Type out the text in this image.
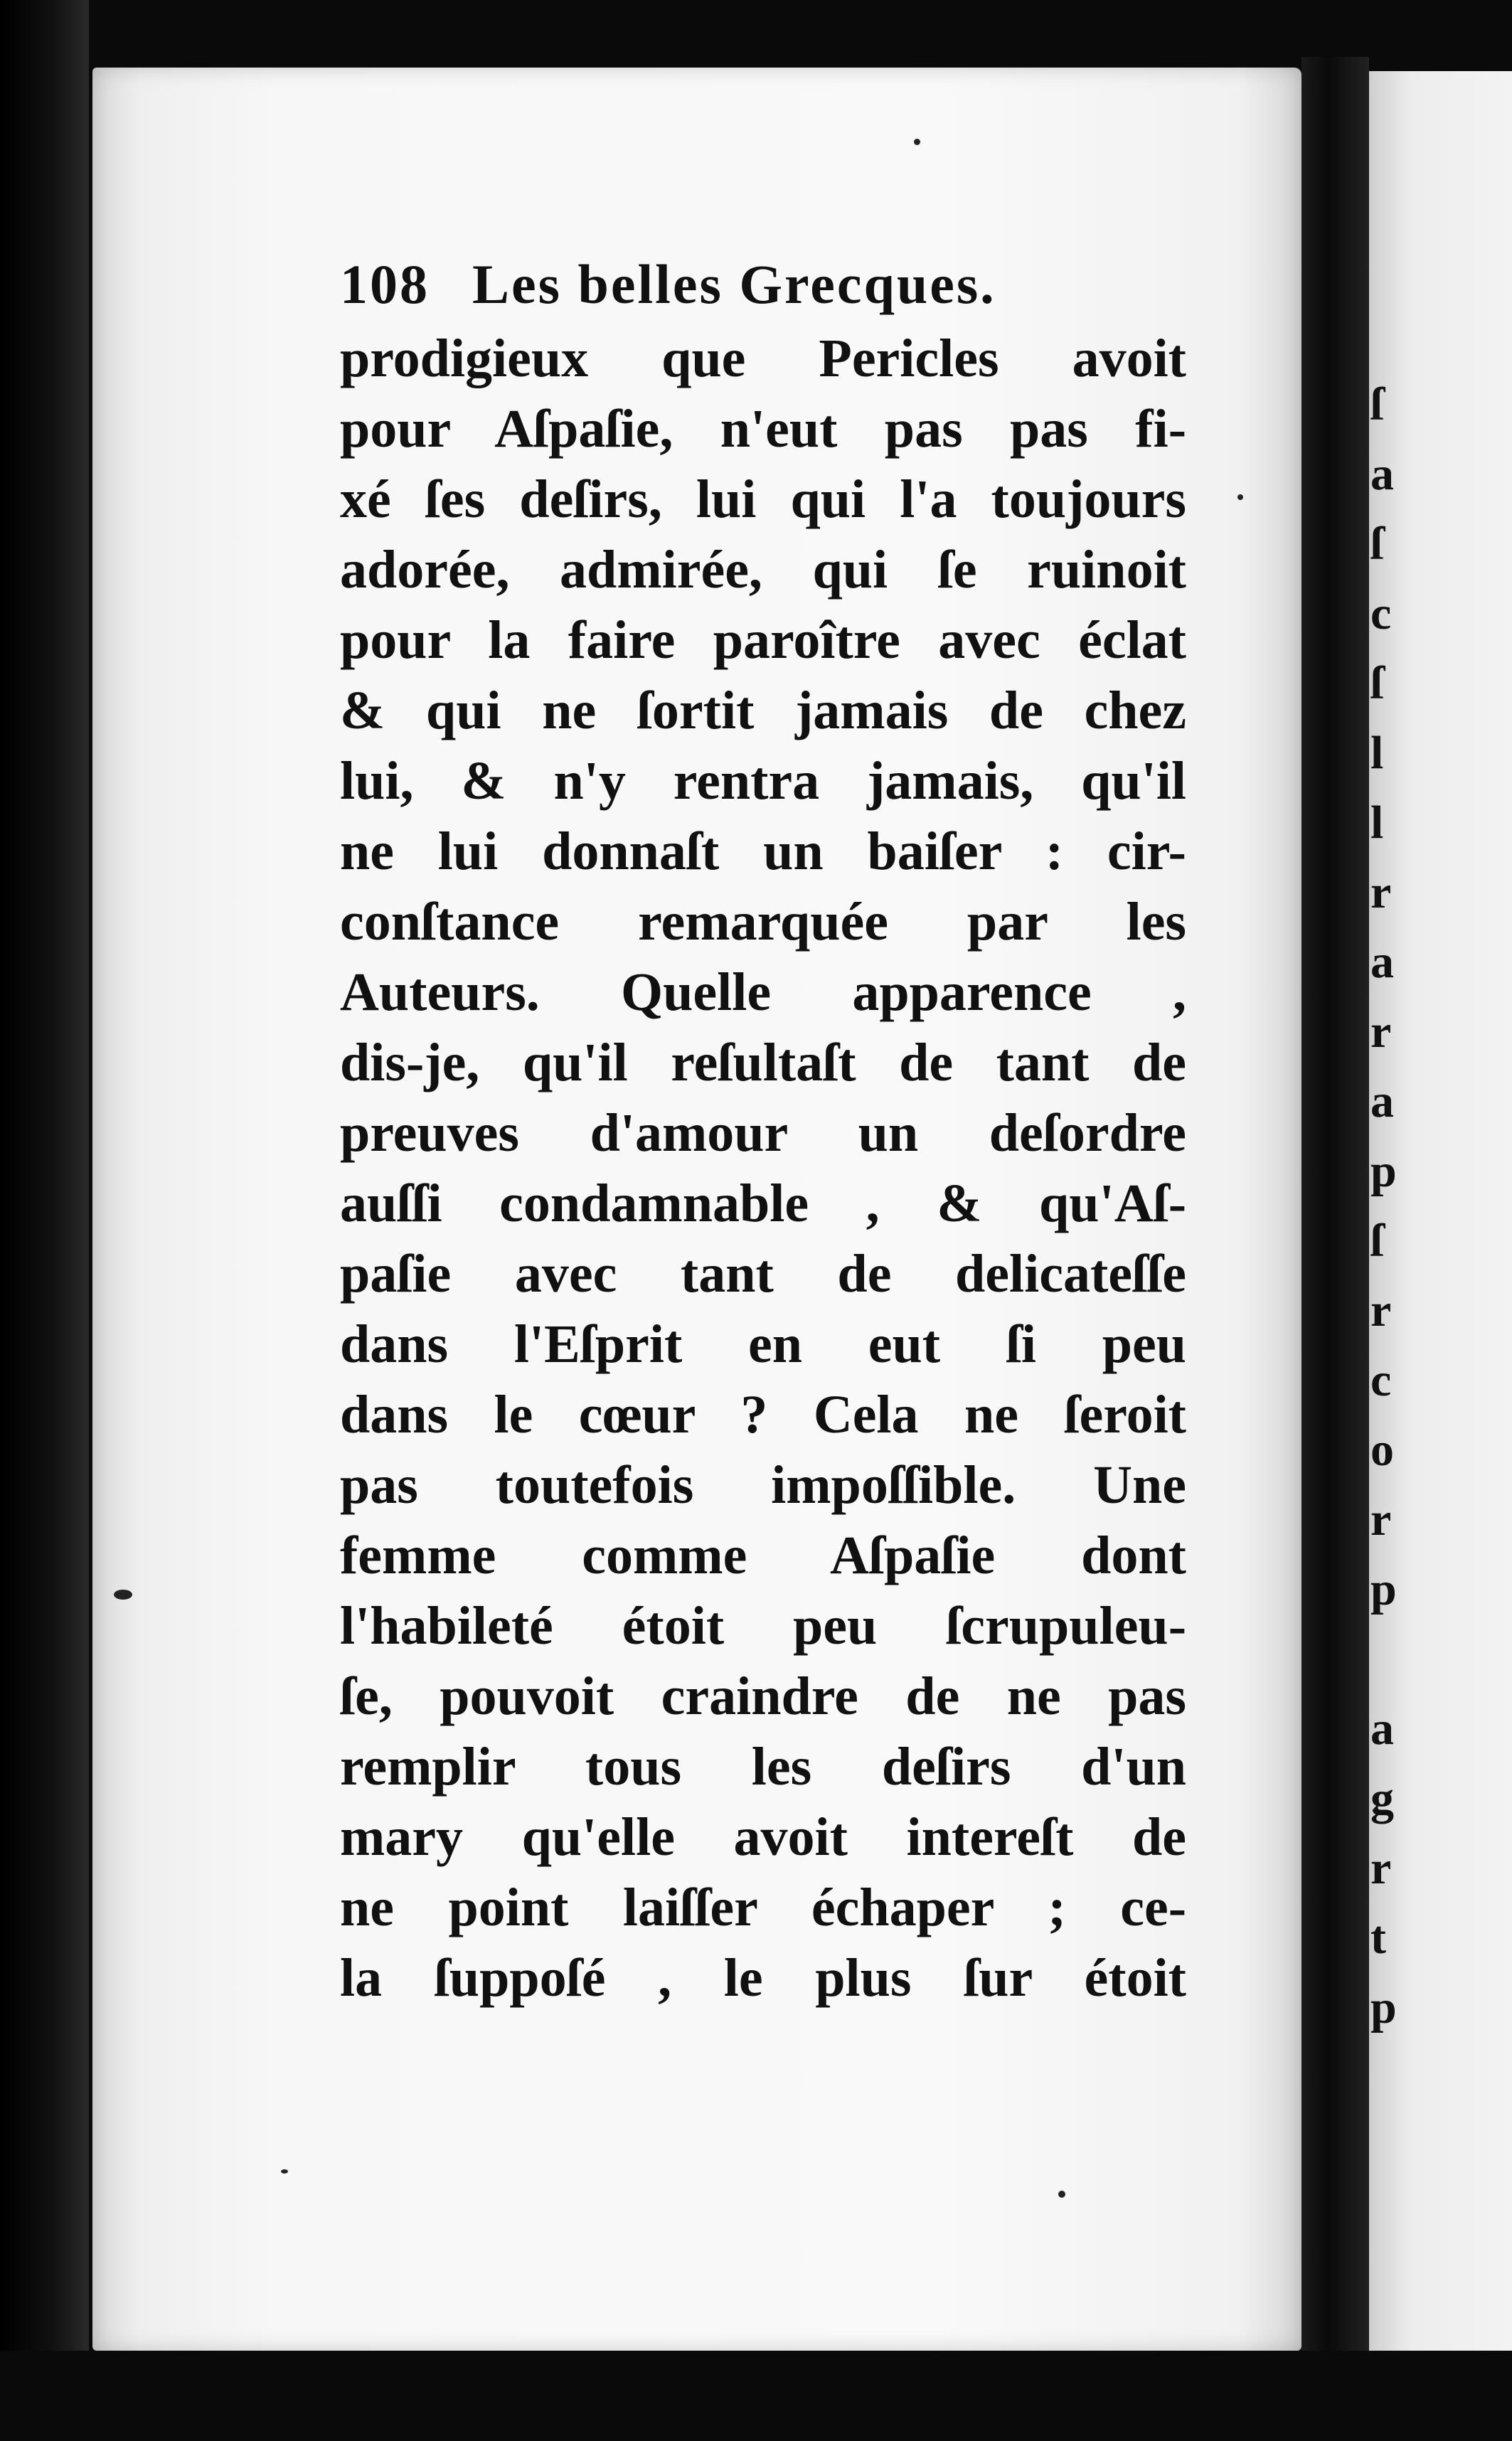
108 Les belles Grecques.
prodigieux que Pericles avoit
pour Aſpaſie, n'eut pas pas fi-
xé ſes deſirs, lui qui l'a toujours
adorée, admirée, qui ſe ruinoit
pour la faire paroître avec éclat
& qui ne ſortit jamais de chez
lui, & n'y rentra jamais, qu'il
ne lui donnaſt un baiſer : cir-
conſtance remarquée par les
Auteurs. Quelle apparence ,
dis-je, qu'il reſultaſt de tant de
preuves d'amour un deſordre
auſſi condamnable , & qu'Aſ-
paſie avec tant de delicateſſe
dans l'Eſprit en eut ſi peu
dans le cœur ? Cela ne ſeroit
pas toutefois impoſſible. Une
femme comme Aſpaſie dont
l'habileté étoit peu ſcrupuleu-
ſe, pouvoit craindre de ne pas
remplir tous les deſirs d'un
mary qu'elle avoit intereſt de
ne point laiſſer échaper ; ce-
la ſuppoſé , le plus ſur étoit
ſ
a
ſ
c
ſ
l
l
r
a
r
a
p
ſ
r
c
o
r
p
a
g
r
t
p
